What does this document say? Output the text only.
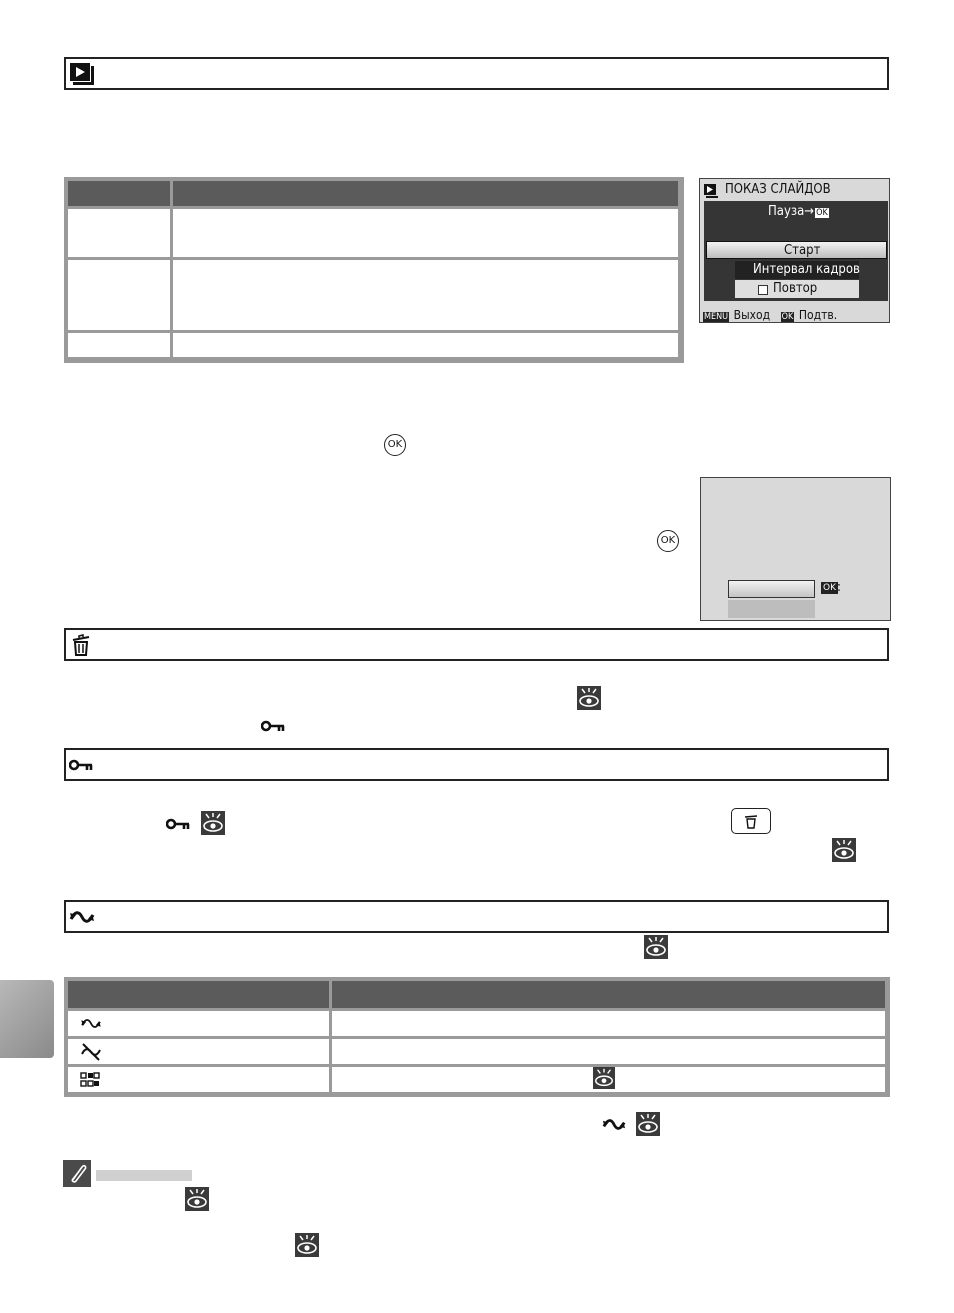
ПОКАЗ СЛАЙДОВ
Пауза→ OK
Старт
Интервал кадров
Повтор
MENU Выход OK Подтв.
OK
OK
OK :
